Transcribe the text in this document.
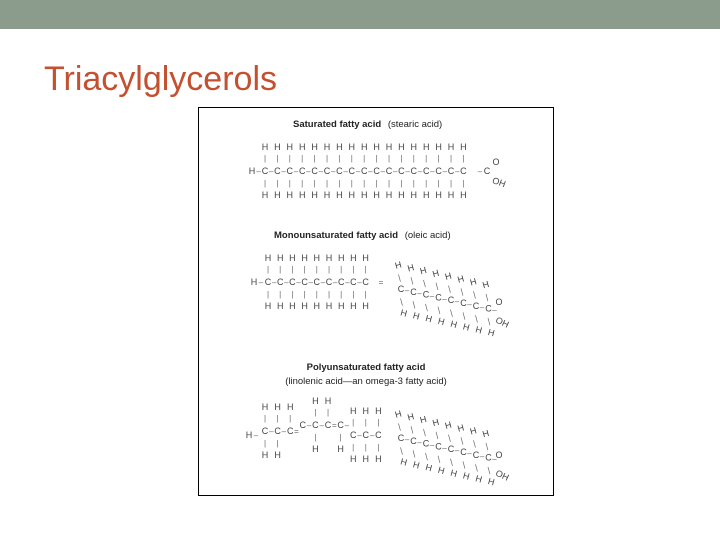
Triacylglycerols
Saturated fatty acid (stearic acid)
Monounsaturated fatty acid (oleic acid)
Polyunsaturated fatty acid
(linolenic acid—an omega-3 fatty acid)
H –
H
|
|
H
C –
H
|
|
H
C –
H
|
|
H
C –
H
|
|
H
C –
H
|
|
H
C –
H
|
|
H
C –
H
|
|
H
C –
H
|
|
H
C –
H
|
|
H
C –
H
|
|
H
C –
H
|
|
H
C –
H
|
|
H
C –
H
|
|
H
C –
H
|
|
H
C –
H
|
|
H
C –
H
|
|
H
C –
H
|
|
H
C C
–
O
OH
H –
H
|
|
H
C –
H
|
|
H
C –
H
|
|
H
C –
H
|
|
H
C –
H
|
|
H
C –
H
|
|
H
C –
H
|
|
H
C –
H
|
|
H
C –
H
|
|
H
C =
C –
H
|
|
H
C –
H
|
|
H
C –
H
|
|
H
C –
H
|
|
H
C –
H
|
|
H
C –
H
|
|
H
C –
H
|
|
H
C –
H
|
|
H
O
OH
H – C –
H
|
|
H
C –
H
|
|
H
C =
H
|
C – C –
H
|
|
H
C =
H
|
C –
|
H
C –
H
|
|
H
C –
H
|
|
H
C
H
|
|
H
C –
H
|
|
H
C –
H
|
|
H
C –
H
|
|
H
C –
H
|
|
H
C –
H
|
|
H
C –
H
|
|
H
C –
H
|
|
H
C –
H
|
|
H
O
OH
